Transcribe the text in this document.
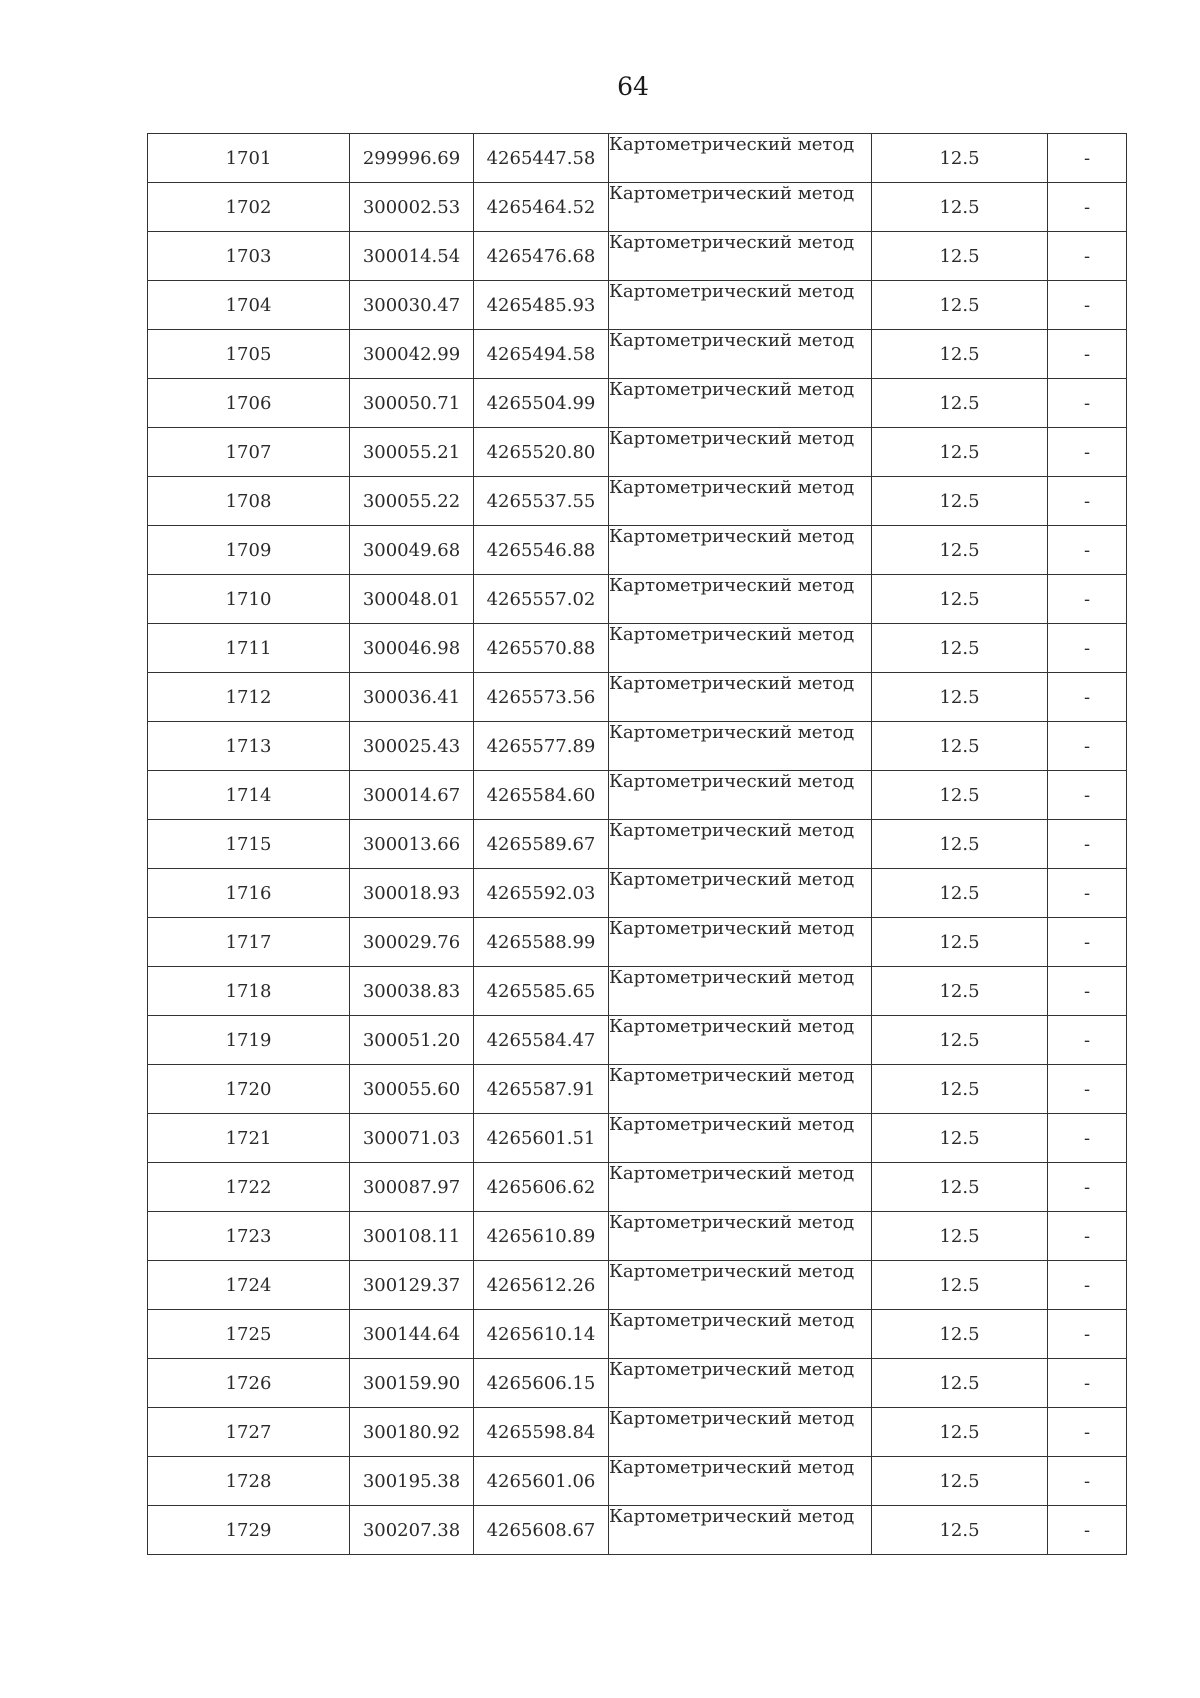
64
1701	299996.69	4265447.58	Картометрический метод	12.5	-
1702	300002.53	4265464.52	Картометрический метод	12.5	-
1703	300014.54	4265476.68	Картометрический метод	12.5	-
1704	300030.47	4265485.93	Картометрический метод	12.5	-
1705	300042.99	4265494.58	Картометрический метод	12.5	-
1706	300050.71	4265504.99	Картометрический метод	12.5	-
1707	300055.21	4265520.80	Картометрический метод	12.5	-
1708	300055.22	4265537.55	Картометрический метод	12.5	-
1709	300049.68	4265546.88	Картометрический метод	12.5	-
1710	300048.01	4265557.02	Картометрический метод	12.5	-
1711	300046.98	4265570.88	Картометрический метод	12.5	-
1712	300036.41	4265573.56	Картометрический метод	12.5	-
1713	300025.43	4265577.89	Картометрический метод	12.5	-
1714	300014.67	4265584.60	Картометрический метод	12.5	-
1715	300013.66	4265589.67	Картометрический метод	12.5	-
1716	300018.93	4265592.03	Картометрический метод	12.5	-
1717	300029.76	4265588.99	Картометрический метод	12.5	-
1718	300038.83	4265585.65	Картометрический метод	12.5	-
1719	300051.20	4265584.47	Картометрический метод	12.5	-
1720	300055.60	4265587.91	Картометрический метод	12.5	-
1721	300071.03	4265601.51	Картометрический метод	12.5	-
1722	300087.97	4265606.62	Картометрический метод	12.5	-
1723	300108.11	4265610.89	Картометрический метод	12.5	-
1724	300129.37	4265612.26	Картометрический метод	12.5	-
1725	300144.64	4265610.14	Картометрический метод	12.5	-
1726	300159.90	4265606.15	Картометрический метод	12.5	-
1727	300180.92	4265598.84	Картометрический метод	12.5	-
1728	300195.38	4265601.06	Картометрический метод	12.5	-
1729	300207.38	4265608.67	Картометрический метод	12.5	-
